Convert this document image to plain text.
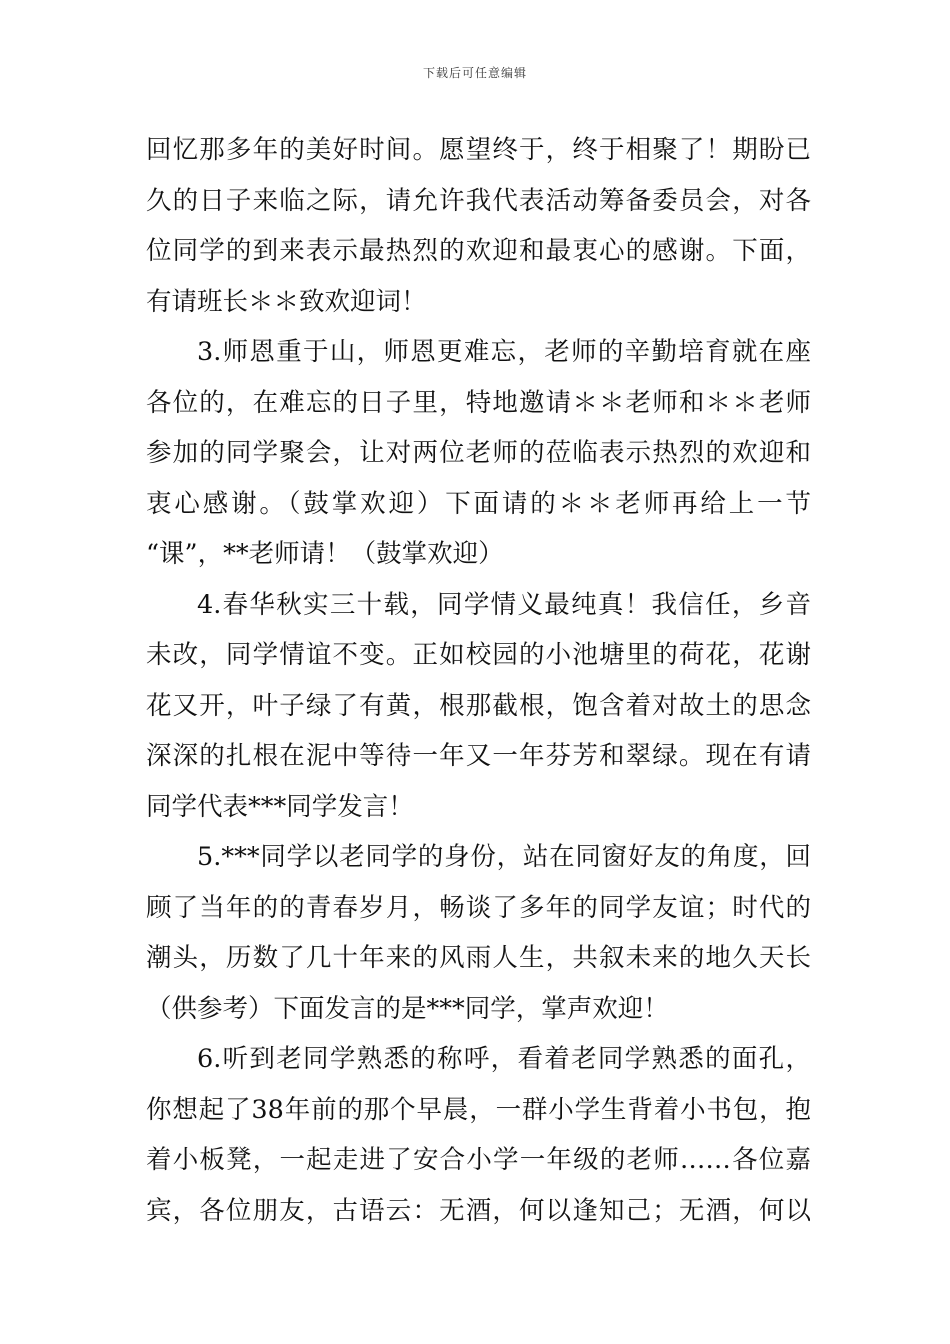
下载后可任意编辑
回忆那多年的美好时间。愿望终于，终于相聚了！期盼已
久的日子来临之际，请允许我代表活动筹备委员会，对各
位同学的到来表示最热烈的欢迎和最衷心的感谢。下面，
有请班长＊＊致欢迎词！
3.师恩重于山，师恩更难忘，老师的辛勤培育就在座
各位的，在难忘的日子里，特地邀请＊＊老师和＊＊老师
参加的同学聚会，让对两位老师的莅临表示热烈的欢迎和
衷心感谢。（鼓掌欢迎）下面请的＊＊老师再给上一节
“课”，**老师请！（鼓掌欢迎）
4.春华秋实三十载，同学情义最纯真！我信任，乡音
未改，同学情谊不变。正如校园的小池塘里的荷花，花谢
花又开，叶子绿了有黄，根那截根，饱含着对故土的思念
深深的扎根在泥中等待一年又一年芬芳和翠绿。现在有请
同学代表***同学发言！
5.***同学以老同学的身份，站在同窗好友的角度，回
顾了当年的的青春岁月，畅谈了多年的同学友谊；时代的
潮头，历数了几十年来的风雨人生，共叙未来的地久天长
（供参考）下面发言的是***同学，掌声欢迎！
6.听到老同学熟悉的称呼，看着老同学熟悉的面孔，
你想起了38年前的那个早晨，一群小学生背着小书包，抱
着小板凳，一起走进了安合小学一年级的老师……各位嘉
宾，各位朋友，古语云：无酒，何以逢知己；无酒，何以
